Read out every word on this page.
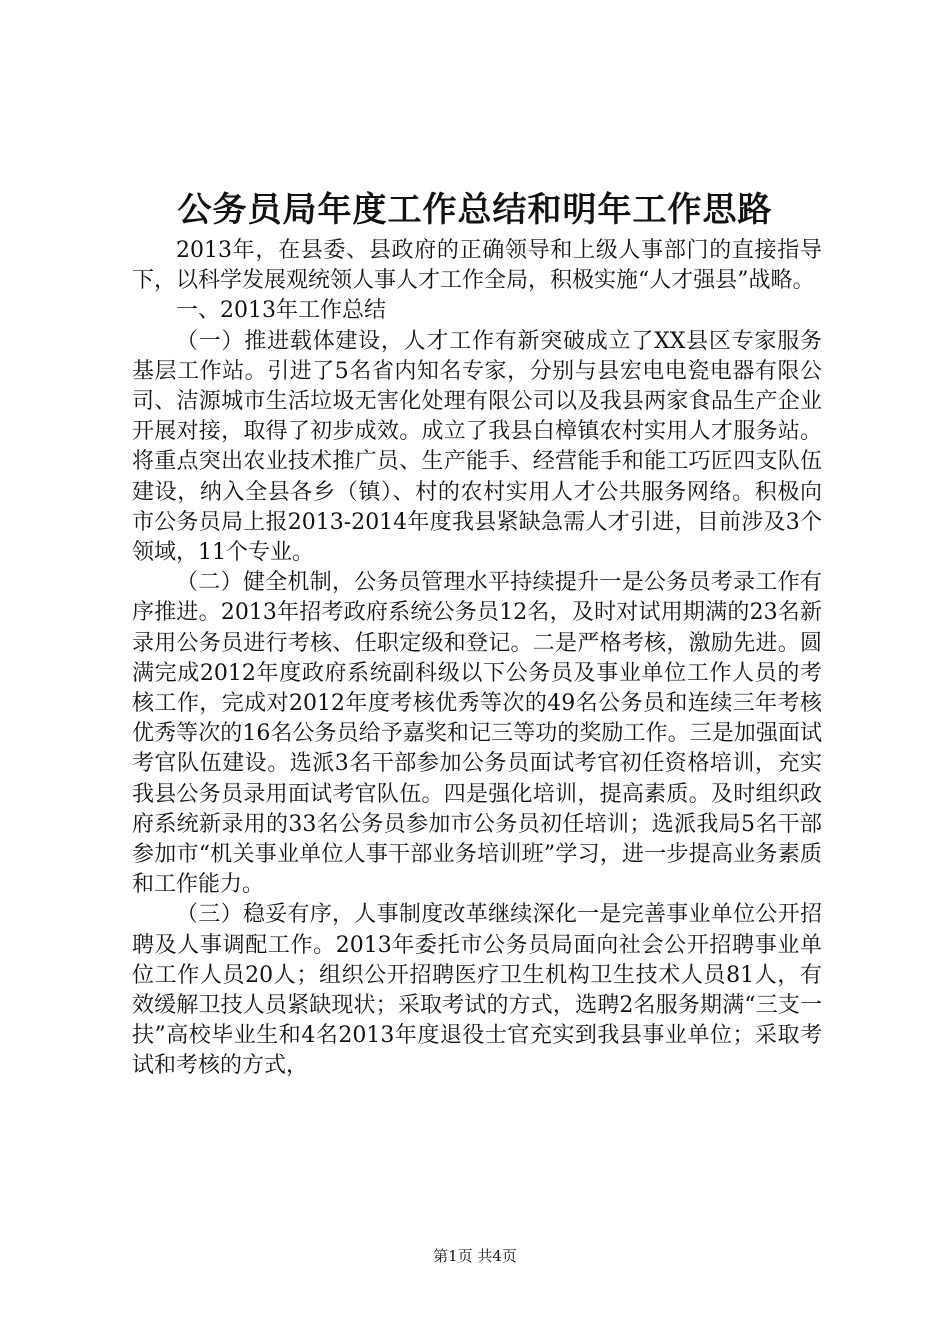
公务员局年度工作总结和明年工作思路

2013年，在县委、县政府的正确领导和上级人事部门的直接指导下，以科学发展观统领人事人才工作全局，积极实施“人才强县”战略。

一、2013年工作总结

（一）推进载体建设，人才工作有新突破成立了XX县区专家服务基层工作站。引进了5名省内知名专家，分别与县宏电电瓷电器有限公司、洁源城市生活垃圾无害化处理有限公司以及我县两家食品生产企业开展对接，取得了初步成效。成立了我县白樟镇农村实用人才服务站。将重点突出农业技术推广员、生产能手、经营能手和能工巧匠四支队伍建设，纳入全县各乡（镇）、村的农村实用人才公共服务网络。积极向市公务员局上报2013-2014年度我县紧缺急需人才引进，目前涉及3个领域，11个专业。

（二）健全机制，公务员管理水平持续提升一是公务员考录工作有序推进。2013年招考政府系统公务员12名，及时对试用期满的23名新录用公务员进行考核、任职定级和登记。二是严格考核，激励先进。圆满完成2012年度政府系统副科级以下公务员及事业单位工作人员的考核工作，完成对2012年度考核优秀等次的49名公务员和连续三年考核优秀等次的16名公务员给予嘉奖和记三等功的奖励工作。三是加强面试考官队伍建设。选派3名干部参加公务员面试考官初任资格培训，充实我县公务员录用面试考官队伍。四是强化培训，提高素质。及时组织政府系统新录用的33名公务员参加市公务员初任培训；选派我局5名干部参加市“机关事业单位人事干部业务培训班”学习，进一步提高业务素质和工作能力。

（三）稳妥有序，人事制度改革继续深化一是完善事业单位公开招聘及人事调配工作。2013年委托市公务员局面向社会公开招聘事业单位工作人员20人；组织公开招聘医疗卫生机构卫生技术人员81人，有效缓解卫技人员紧缺现状；采取考试的方式，选聘2名服务期满“三支一扶”高校毕业生和4名2013年度退役士官充实到我县事业单位；采取考试和考核的方式，

第1页 共4页
